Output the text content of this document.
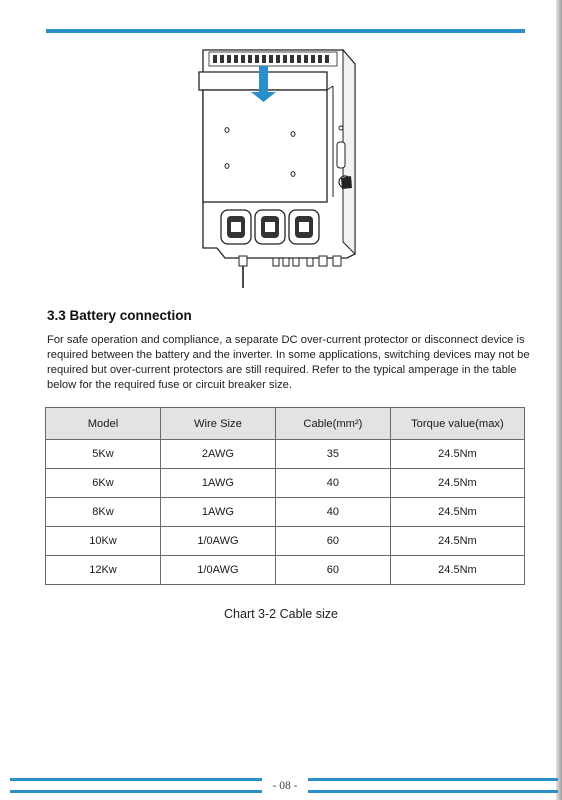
3.3 Battery connection

For safe operation and compliance, a separate DC over-current protector or disconnect device is required between the battery and the inverter. In some applications, switching devices may not be required but over-current protectors are still required. Refer to the typical amperage in the table below for the required fuse or circuit breaker size.

Model	Wire Size	Cable(mm²)	Torque value(max)
5Kw	2AWG	35	24.5Nm
6Kw	1AWG	40	24.5Nm
8Kw	1AWG	40	24.5Nm
10Kw	1/0AWG	60	24.5Nm
12Kw	1/0AWG	60	24.5Nm
Chart 3-2 Cable size
- 08 -
